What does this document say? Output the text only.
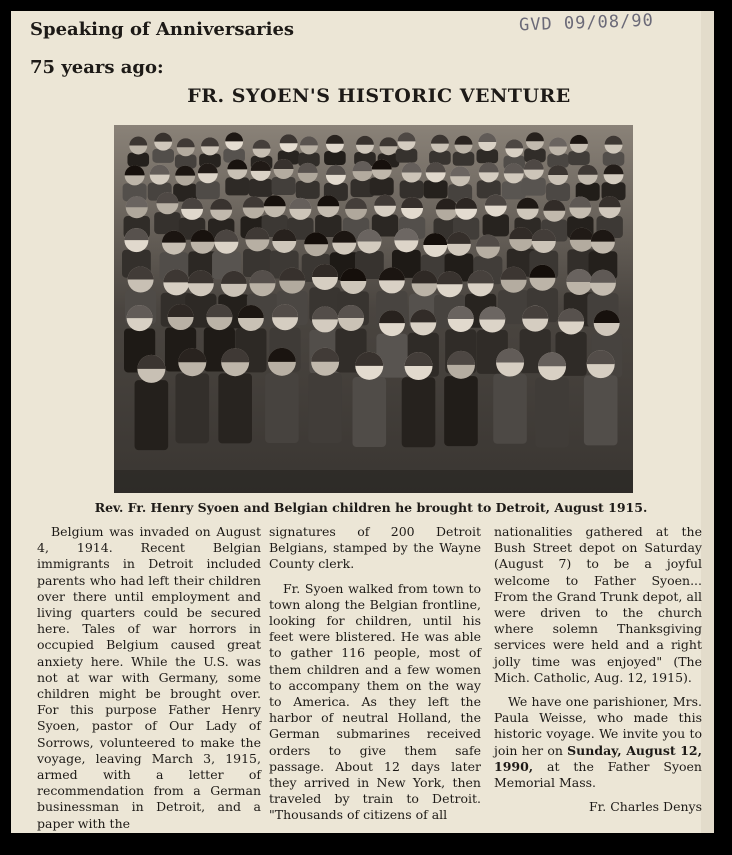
Speaking of Anniversaries
75 years ago:
GVD 09/08/90
FR. SYOEN'S HISTORIC VENTURE
Rev. Fr. Henry Syoen and Belgian children he brought to Detroit, August 1915.

Belgium was invaded on August 4, 1914. Recent Belgian immigrants in Detroit included parents who had left their children over there until employment and living quarters could be secured here. Tales of war horrors in occupied Belgium caused great anxiety here. While the U.S. was not at war with Germany, some children might be brought over. For this purpose Father Henry Syoen, pastor of Our Lady of Sorrows, volunteered to make the voyage, leaving March 3, 1915, armed with a letter of recommendation from a German businessman in Detroit, and a paper with the

signatures of 200 Detroit Belgians, stamped by the Wayne County clerk.

Fr. Syoen walked from town to town along the Belgian frontline, looking for children, until his feet were blistered. He was able to gather 116 people, most of them children and a few women to accompany them on the way to America. As they left the harbor of neutral Holland, the German submarines received orders to give them safe passage. About 12 days later they arrived in New York, then traveled by train to Detroit. "Thousands of citizens of all

nationalities gathered at the Bush Street depot on Saturday (August 7) to be a joyful welcome to Father Syoen... From the Grand Trunk depot, all were driven to the church where solemn Thanksgiving services were held and a right jolly time was enjoyed" (The Mich. Catholic, Aug. 12, 1915).

We have one parishioner, Mrs. Paula Weisse, who made this historic voyage. We invite you to join her on Sunday, August 12, 1990, at the Father Syoen Memorial Mass.

Fr. Charles Denys
